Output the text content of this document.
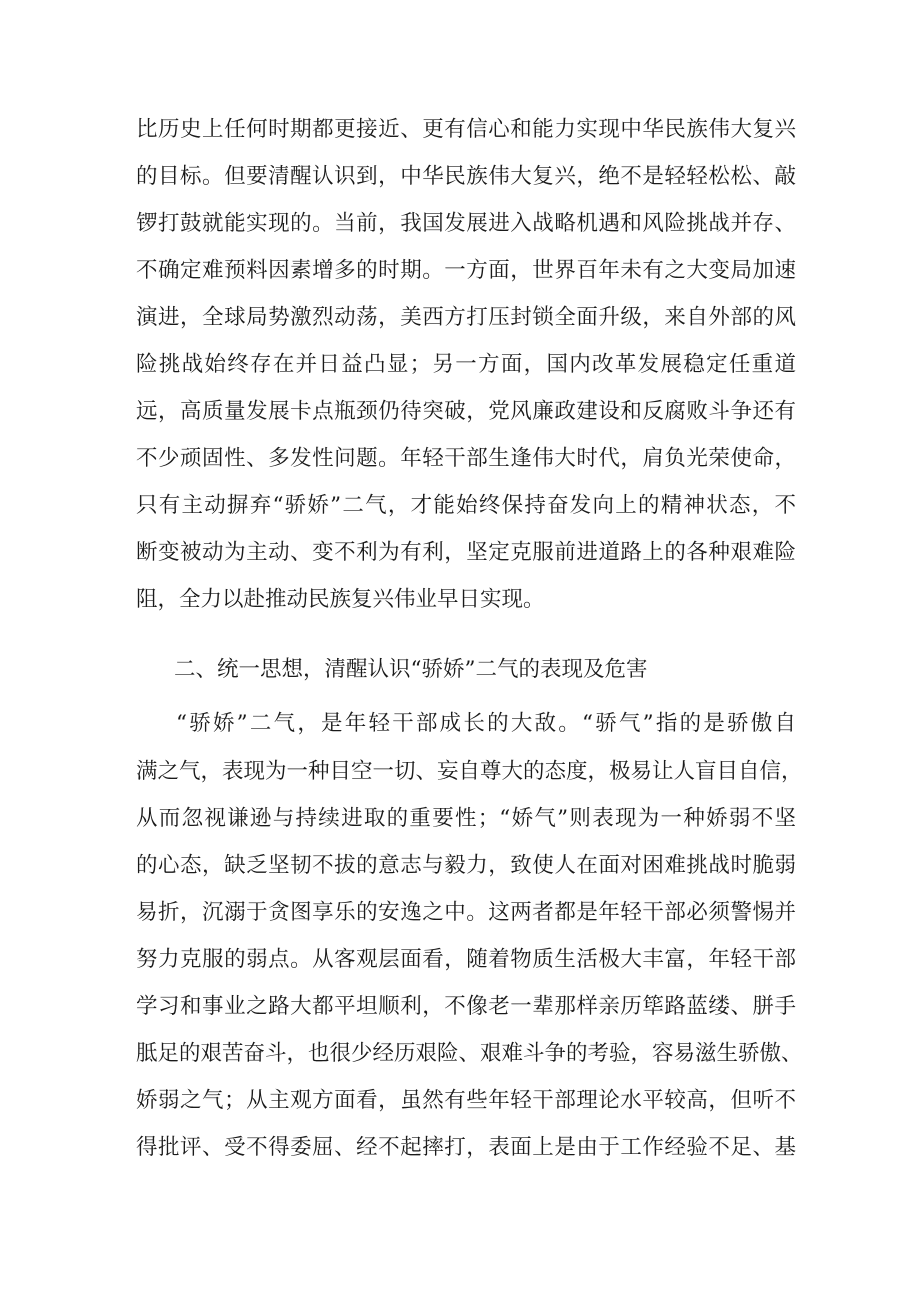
比历史上任何时期都更接近、更有信心和能力实现中华民族伟大复兴
的目标。但要清醒认识到，中华民族伟大复兴，绝不是轻轻松松、敲
锣打鼓就能实现的。当前，我国发展进入战略机遇和风险挑战并存、
不确定难预料因素增多的时期。一方面，世界百年未有之大变局加速
演进，全球局势激烈动荡，美西方打压封锁全面升级，来自外部的风
险挑战始终存在并日益凸显；另一方面，国内改革发展稳定任重道
远，高质量发展卡点瓶颈仍待突破，党风廉政建设和反腐败斗争还有
不少顽固性、多发性问题。年轻干部生逢伟大时代，肩负光荣使命，
只有主动摒弃“骄娇”二气，才能始终保持奋发向上的精神状态，不
断变被动为主动、变不利为有利，坚定克服前进道路上的各种艰难险
阻，全力以赴推动民族复兴伟业早日实现。
二、统一思想，清醒认识“骄娇”二气的表现及危害
“骄娇”二气，是年轻干部成长的大敌。“骄气”指的是骄傲自
满之气，表现为一种目空一切、妄自尊大的态度，极易让人盲目自信，
从而忽视谦逊与持续进取的重要性；“娇气”则表现为一种娇弱不坚
的心态，缺乏坚韧不拔的意志与毅力，致使人在面对困难挑战时脆弱
易折，沉溺于贪图享乐的安逸之中。这两者都是年轻干部必须警惕并
努力克服的弱点。从客观层面看，随着物质生活极大丰富，年轻干部
学习和事业之路大都平坦顺利，不像老一辈那样亲历筚路蓝缕、胼手
胝足的艰苦奋斗，也很少经历艰险、艰难斗争的考验，容易滋生骄傲、
娇弱之气；从主观方面看，虽然有些年轻干部理论水平较高，但听不
得批评、受不得委屈、经不起摔打，表面上是由于工作经验不足、基
